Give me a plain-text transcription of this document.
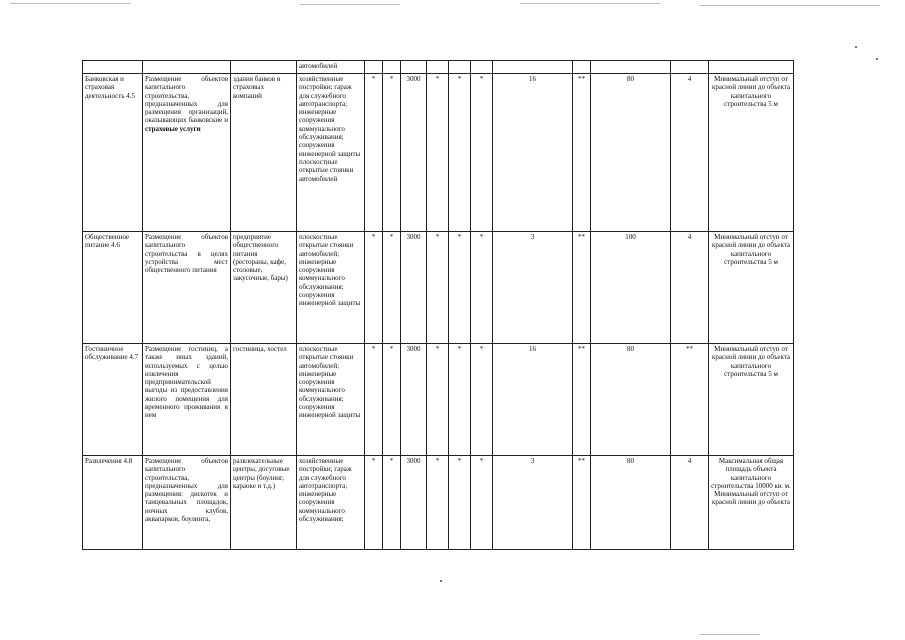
			автомобилей											
Банковская и страховая деятельность 4.5	Размещение объектов капитального строительства, предназначенных для размещения организаций, оказывающих банковские и страховые услуги	здания банков и страховых компаний	хозяйственные постройки; гараж для служебного автотранспорта; инженерные сооружения коммунального обслуживания; сооружения инженерной защиты плоскостные открытые стоянки автомобилей	*	*	3000	*	*	*	16	**	80	4	Минимальный отступ от красной линии до объекта капитального строительства 5 м
Общественное питание 4.6	Размещение объектов капитального строительства в целях устройства мест общественного питания	предприятие общественного питания (рестораны, кафе, столовые, закусочные, бары)	плоскостные открытые стоянки автомобилей; инженерные сооружения коммунального обслуживания; сооружения инженерной защиты	*	*	3000	*	*	*	3	**	100	4	Минимальный отступ от красной линии до объекта капитального строительства 5 м
Гостиничное обслуживание 4.7	Размещение гостиниц, а также иных зданий, используемых с целью извлечения предпринимательской выгоды из предоставления жилого помещения для временного проживания в нем	гостиница, хостел	плоскостные открытые стоянки автомобилей; инженерные сооружения коммунального обслуживания; сооружения инженерной защиты	*	*	3000	*	*	*	16	**	80	**	Минимальный отступ от красной линии до объекта капитального строительства 5 м
Развлечения 4.8	Размещение объектов капитального строительства, предназначенных для размещения: дискотек и танцевальных площадок, ночных клубов, аквапарков, боулинга,	развлекательные центры, досуговые центры (боулинг, караоке и т.д.)	хозяйственные постройки; гараж для служебного автотранспорта; инженерные сооружения коммунального обслуживания;	*	*	3000	*	*	*	3	**	80	4	Максимальная общая площадь объекта капитального строительства 10000 кв. м. Минимальный отступ от красной линии до объекта
